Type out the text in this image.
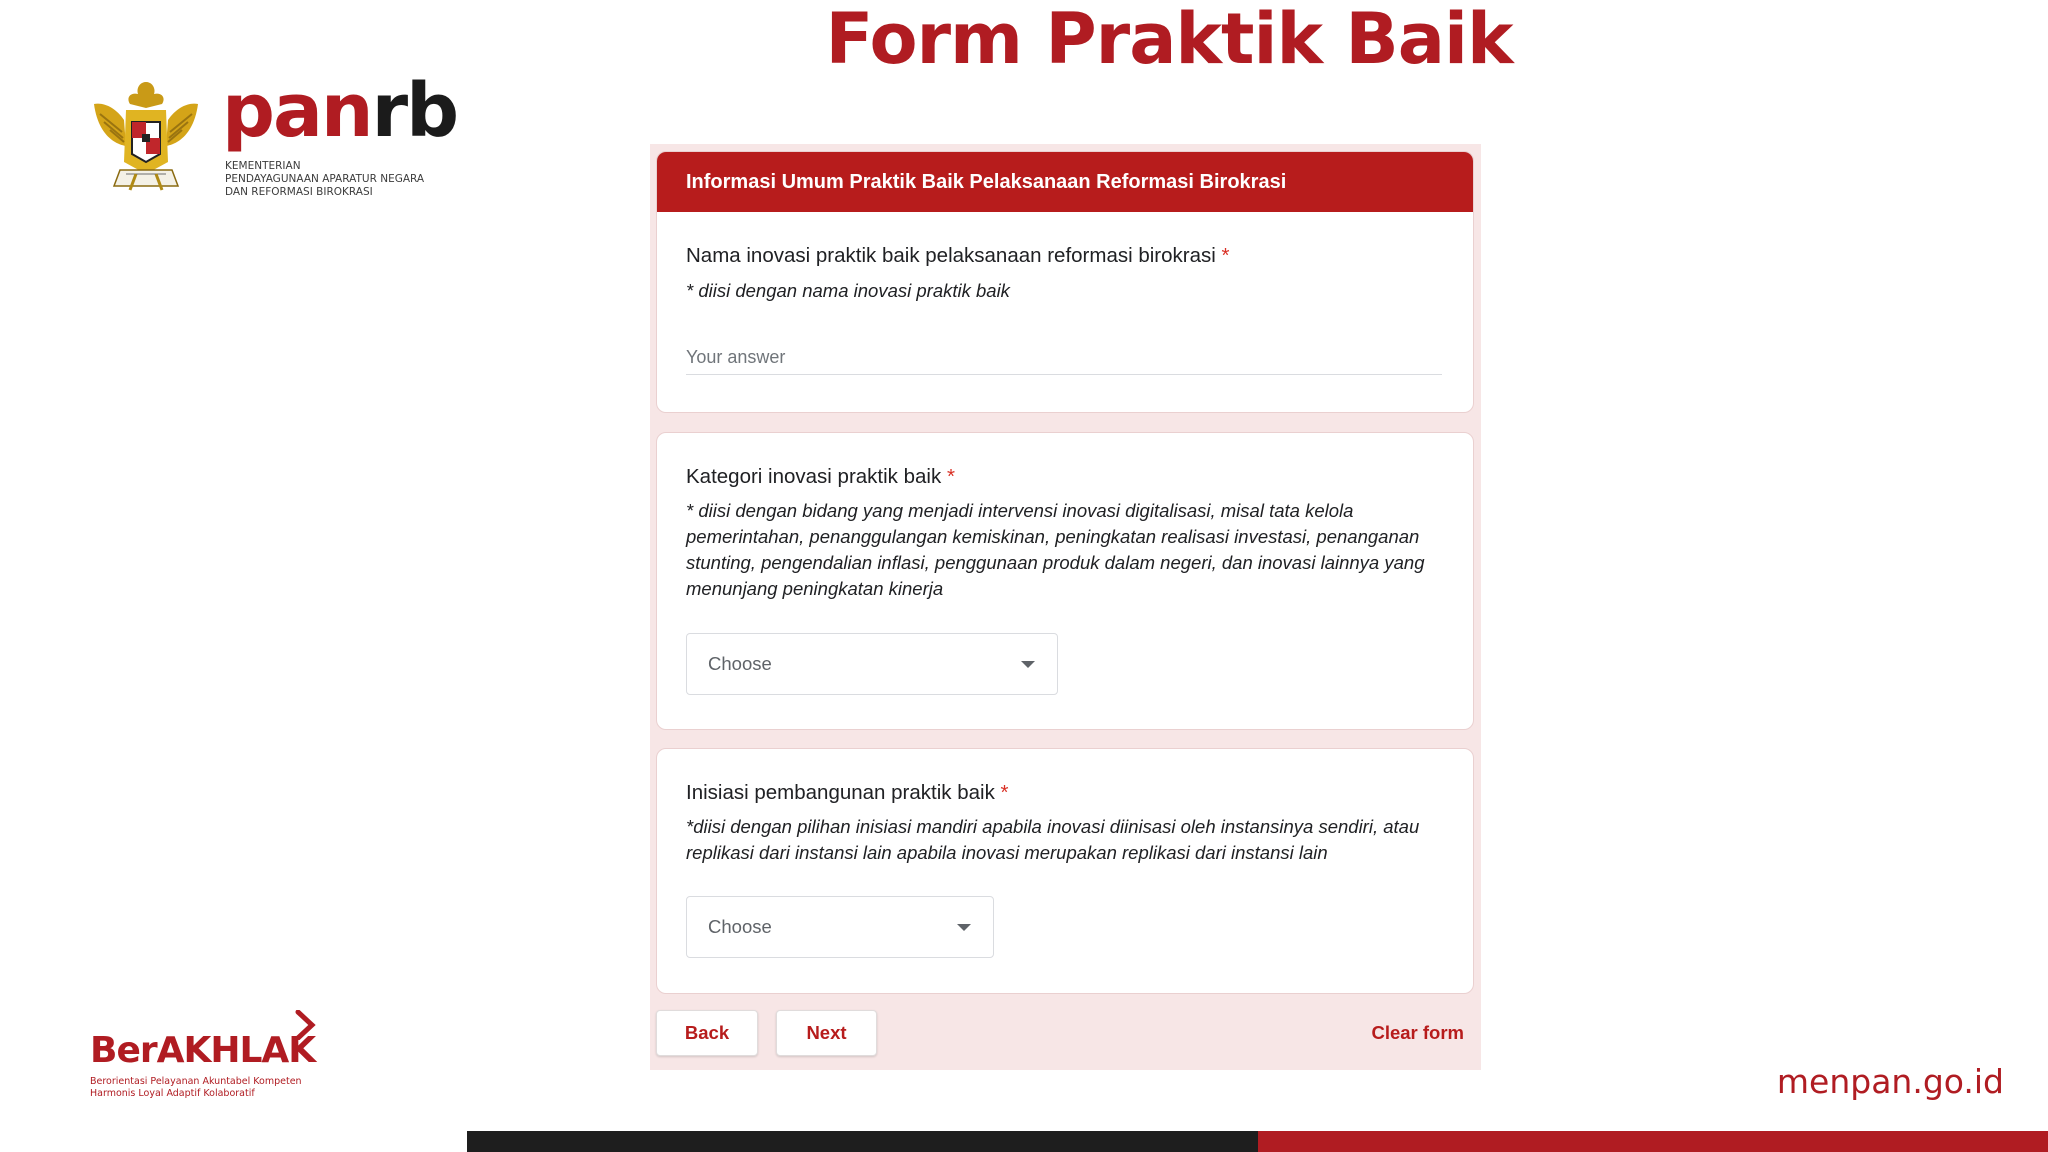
Form Praktik Baik
panrb
KEMENTERIAN
PENDAYAGUNAAN APARATUR NEGARA
DAN REFORMASI BIROKRASI
BerAKHLAK
Berorientasi Pelayanan Akuntabel Kompeten
Harmonis Loyal Adaptif Kolaboratif	menpan.go.id
Informasi Umum Praktik Baik Pelaksanaan Reformasi Birokrasi
Nama inovasi praktik baik pelaksanaan reformasi birokrasi *
* diisi dengan nama inovasi praktik baik
Your answer
Kategori inovasi praktik baik *
* diisi dengan bidang yang menjadi intervensi inovasi digitalisasi, misal tata kelola pemerintahan, penanggulangan kemiskinan, peningkatan realisasi investasi, penanganan stunting, pengendalian inflasi, penggunaan produk dalam negeri, dan inovasi lainnya yang menunjang peningkatan kinerja
Choose
Inisiasi pembangunan praktik baik *
*diisi dengan pilihan inisiasi mandiri apabila inovasi diinisasi oleh instansinya sendiri, atau replikasi dari instansi lain apabila inovasi merupakan replikasi dari instansi lain
Choose
Back	Next	Clear form
